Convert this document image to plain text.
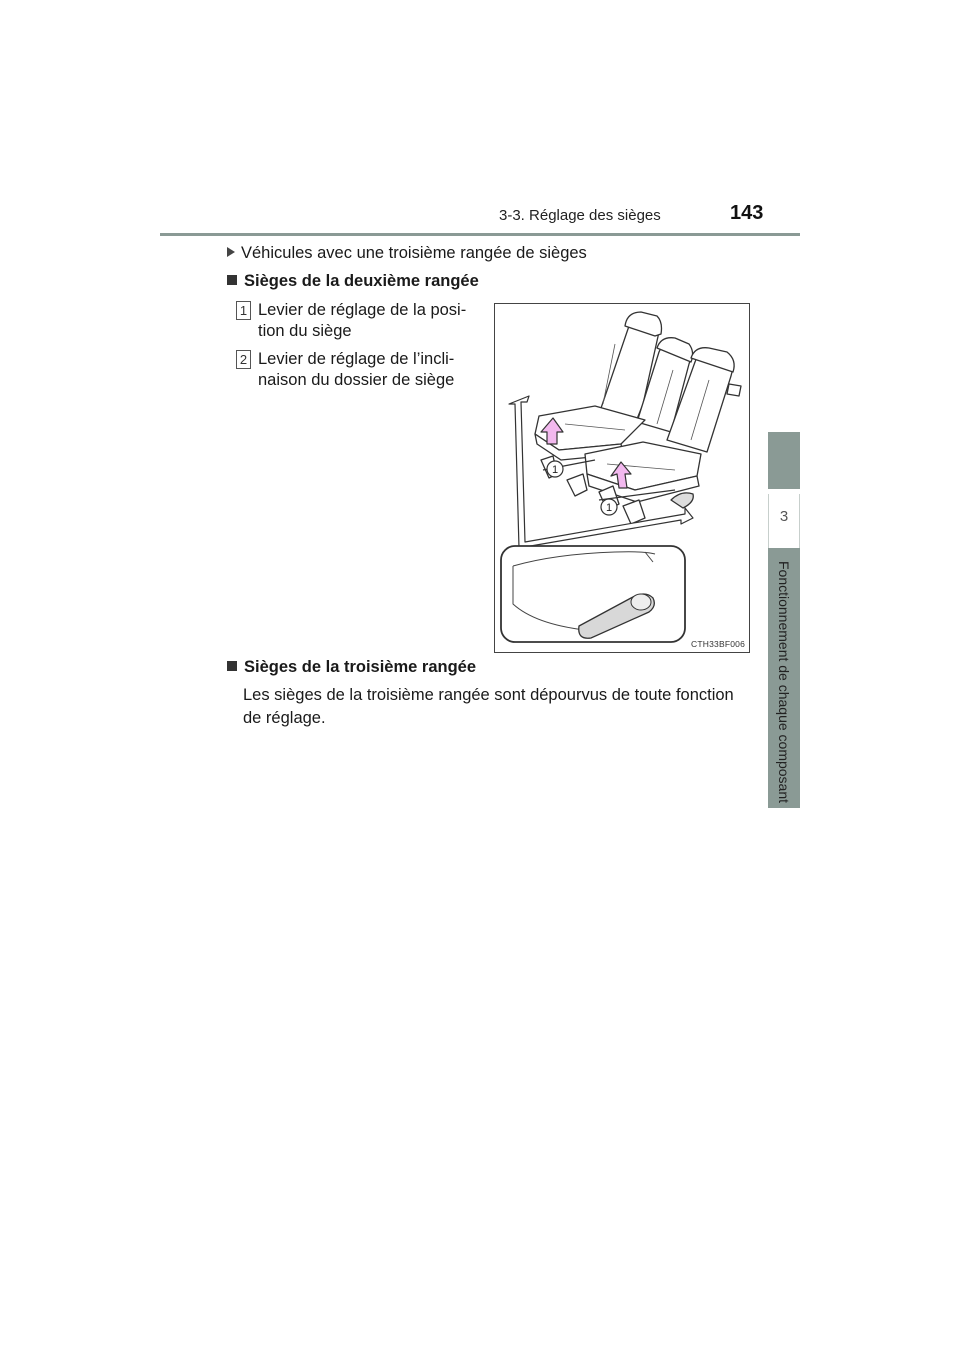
3-3. Réglage des sièges	143
3
Fonctionnement de chaque composant
Véhicules avec une troisième rangée de sièges
Sièges de la deuxième rangée
1 Levier de réglage de la posi-
tion du siège
2 Levier de réglage de l’incli-
naison du dossier de siège
Sièges de la troisième rangée
Les sièges de la troisième rangée sont dépourvus de toute fonction
de réglage.
1
1
CTH33BF006
